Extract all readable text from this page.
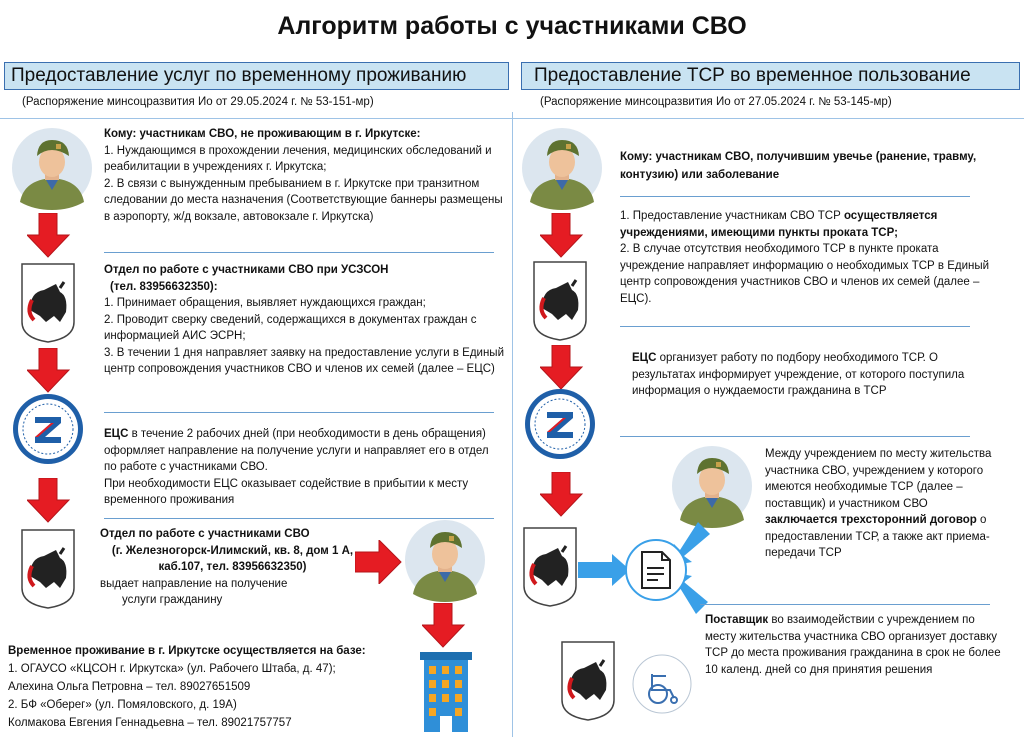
Алгоритм работы с участниками СВО
Предоставление услуг по временному проживанию	Предоставление ТСР во временное пользование
(Распоряжение минсоцразвития Ио от 29.05.2024 г. № 53-151-мр)	(Распоряжение минсоцразвития Ио от 27.05.2024 г. № 53-145-мр)
Кому: участникам СВО, не проживающим в г. Иркутске:
1. Нуждающимся в прохождении лечения, медицинских обследований и реабилитации в учреждениях г. Иркутска;
2. В связи с вынужденным пребыванием в г. Иркутске при транзитном следовании до места назначения (Соответствующие баннеры размещены в аэропорту, ж/д вокзале, автовокзале г. Иркутска)
Отдел по работе с участниками СВО при УСЗСОН
(тел. 83956632350):
1. Принимает обращения, выявляет нуждающихся граждан;
2. Проводит сверку сведений, содержащихся в документах граждан с информацией АИС ЭСРН;
3. В течении 1 дня направляет заявку на предоставление услуги в Единый центр сопровождения участников СВО и членов их семей (далее – ЕЦС)
ЕЦС в течение 2 рабочих дней (при необходимости в день обращения) оформляет направление на получение услуги и направляет его в отдел по работе с участниками СВО.
При необходимости ЕЦС оказывает содействие в прибытии к месту временного проживания
Отдел по работе с участниками СВО
(г. Железногорск-Илимский, кв. 8, дом 1 А, каб.107, тел. 83956632350)
выдает направление на получение
услуги гражданину
Временное проживание в г. Иркутске осуществляется на базе:
1. ОГАУСО «КЦСОН г. Иркутска» (ул. Рабочего Штаба, д. 47);
Алехина Ольга Петровна – тел. 89027651509
2. БФ «Оберег» (ул. Помяловского, д. 19А)
Колмакова Евгения Геннадьевна – тел. 89021757757
Кому: участникам СВО, получившим увечье (ранение, травму, контузию) или заболевание
1. Предоставление участникам СВО ТСР осуществляется учреждениями, имеющими пункты проката ТСР;
2. В случае отсутствия необходимого ТСР в пункте проката учреждение направляет информацию о необходимых ТСР в Единый центр сопровождения участников СВО и членов их семей (далее – ЕЦС).
ЕЦС организует работу по подбору необходимого ТСР. О результатах информирует учреждение, от которого поступила информация о нуждаемости гражданина в ТСР
Между учреждением по месту жительства участника СВО, учреждением у которого имеются необходимые ТСР (далее – поставщик) и участником СВО заключается трехсторонний договор о предоставлении ТСР, а также акт приема-передачи ТСР
Поставщик во взаимодействии с учреждением по месту жительства участника СВО организует доставку ТСР до места проживания гражданина в срок не более 10 календ. дней со дня принятия решения
